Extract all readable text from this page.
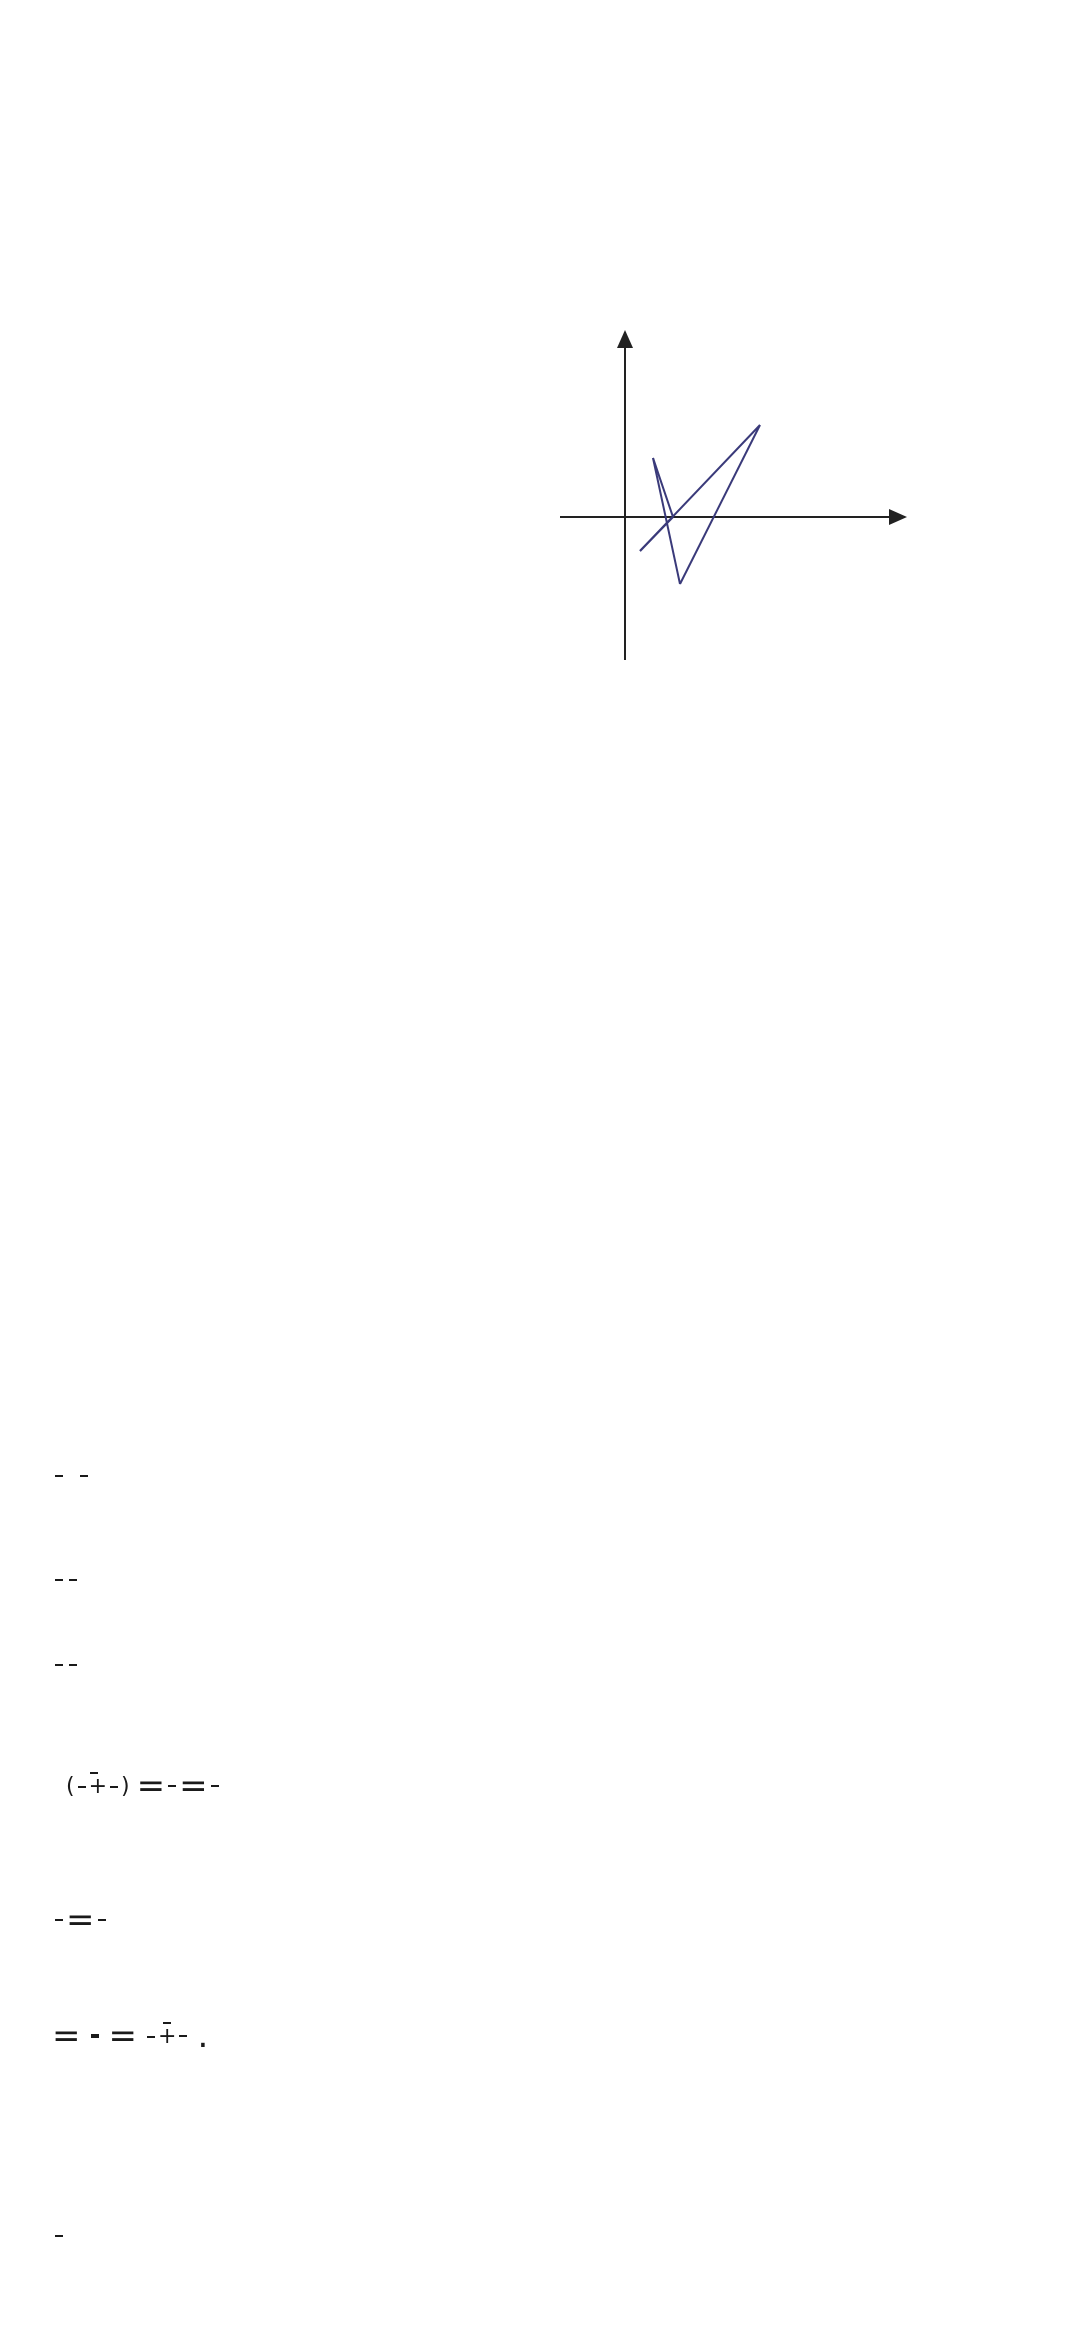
( + ) = =
=
= = + .
